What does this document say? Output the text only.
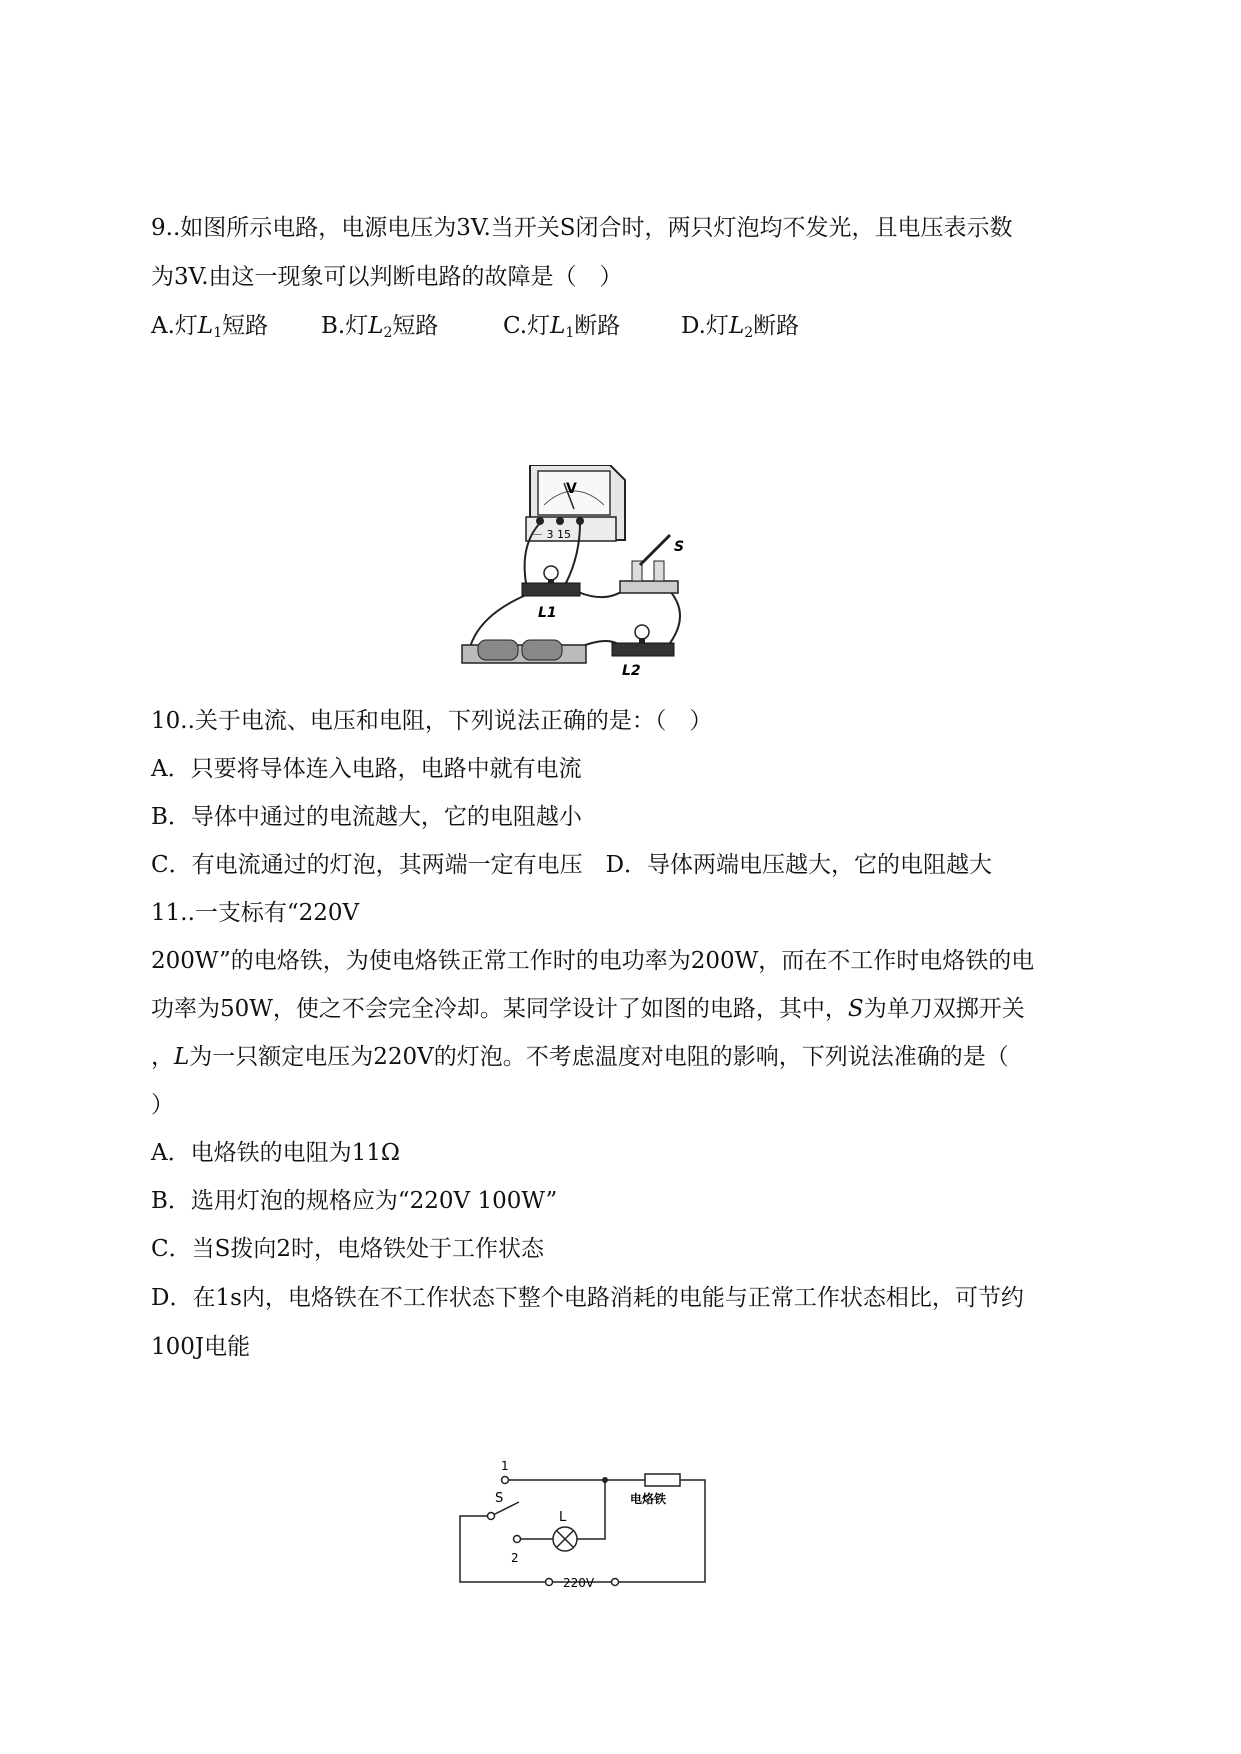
9..如图所示电路，电源电压为3V.当开关S闭合时，两只灯泡均不发光，且电压表示数
为3V.由这一现象可以判断电路的故障是（　）
A.灯$L_1$短路 B.灯$L_2$短路	C.灯$L_1$断路	D.灯$L_2$断路
V
－ 3 15
L1
S
L2
10..关于电流、电压和电阻，下列说法正确的是：（　）
A．只要将导体连入电路，电路中就有电流
B．导体中通过的电流越大，它的电阻越小
C．有电流通过的灯泡，其两端一定有电压　D．导体两端电压越大，它的电阻越大
11..一支标有“220V
200W”的电烙铁，为使电烙铁正常工作时的电功率为200W，而在不工作时电烙铁的电
功率为50W，使之不会完全冷却。某同学设计了如图的电路，其中，S为单刀双掷开关
，L为一只额定电压为220V的灯泡。不考虑温度对电阻的影响，下列说法准确的是（
）
A．电烙铁的电阻为11Ω
B．选用灯泡的规格应为“220V 100W”
C．当S拨向2时，电烙铁处于工作状态
D．在1s内，电烙铁在不工作状态下整个电路消耗的电能与正常工作状态相比，可节约
100J电能
1
2
S
L
电烙铁
220V
